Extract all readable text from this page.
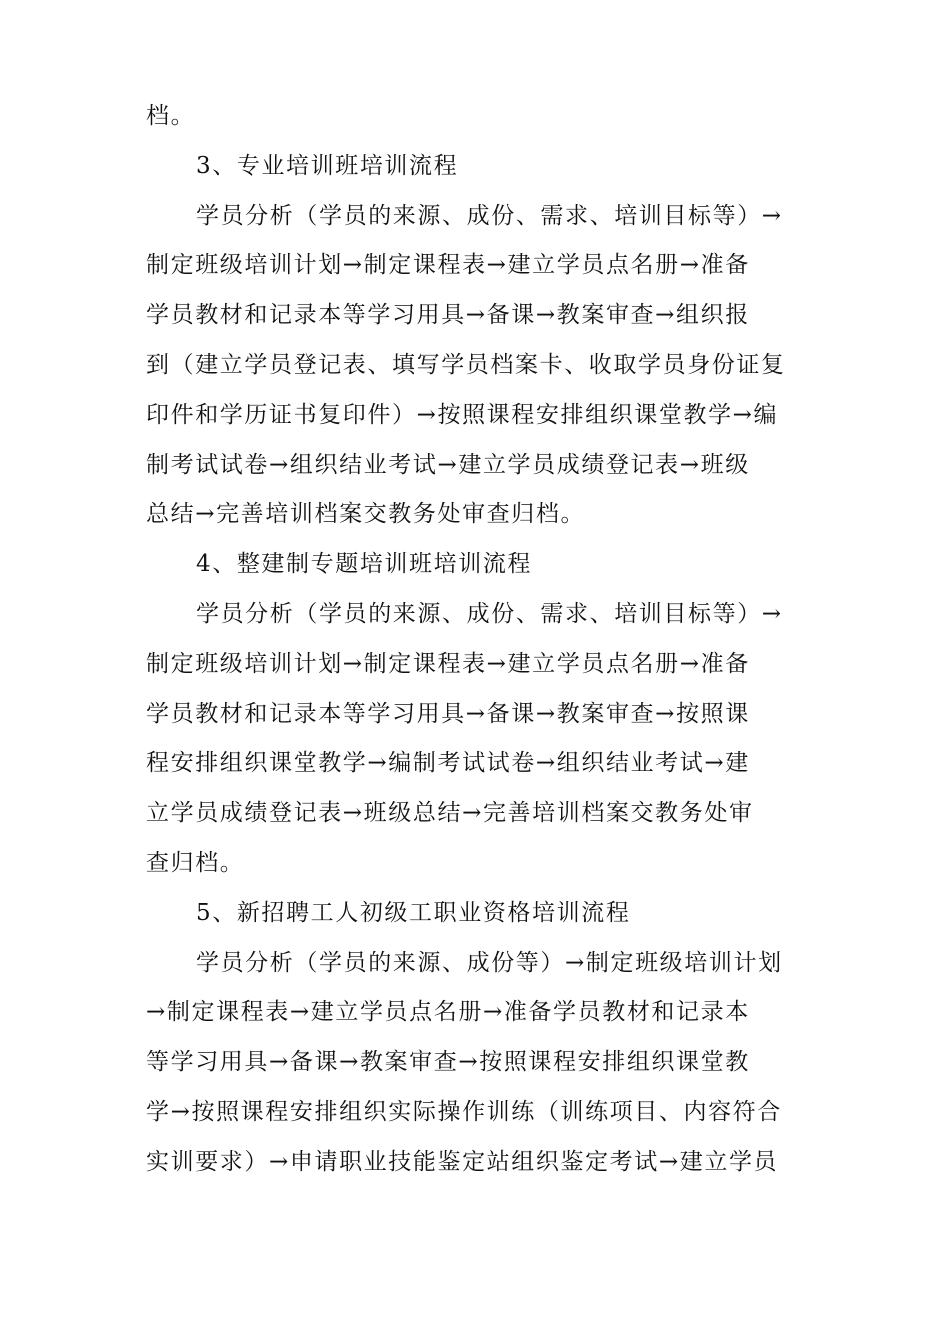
档。
3、专业培训班培训流程
学员分析（学员的来源、成份、需求、培训目标等）→
制定班级培训计划→制定课程表→建立学员点名册→准备
学员教材和记录本等学习用具→备课→教案审查→组织报
到（建立学员登记表、填写学员档案卡、收取学员身份证复
印件和学历证书复印件）→按照课程安排组织课堂教学→编
制考试试卷→组织结业考试→建立学员成绩登记表→班级
总结→完善培训档案交教务处审查归档。
4、整建制专题培训班培训流程
学员分析（学员的来源、成份、需求、培训目标等）→
制定班级培训计划→制定课程表→建立学员点名册→准备
学员教材和记录本等学习用具→备课→教案审查→按照课
程安排组织课堂教学→编制考试试卷→组织结业考试→建
立学员成绩登记表→班级总结→完善培训档案交教务处审
查归档。
5、新招聘工人初级工职业资格培训流程
学员分析（学员的来源、成份等）→制定班级培训计划
→制定课程表→建立学员点名册→准备学员教材和记录本
等学习用具→备课→教案审查→按照课程安排组织课堂教
学→按照课程安排组织实际操作训练（训练项目、内容符合
实训要求）→申请职业技能鉴定站组织鉴定考试→建立学员
